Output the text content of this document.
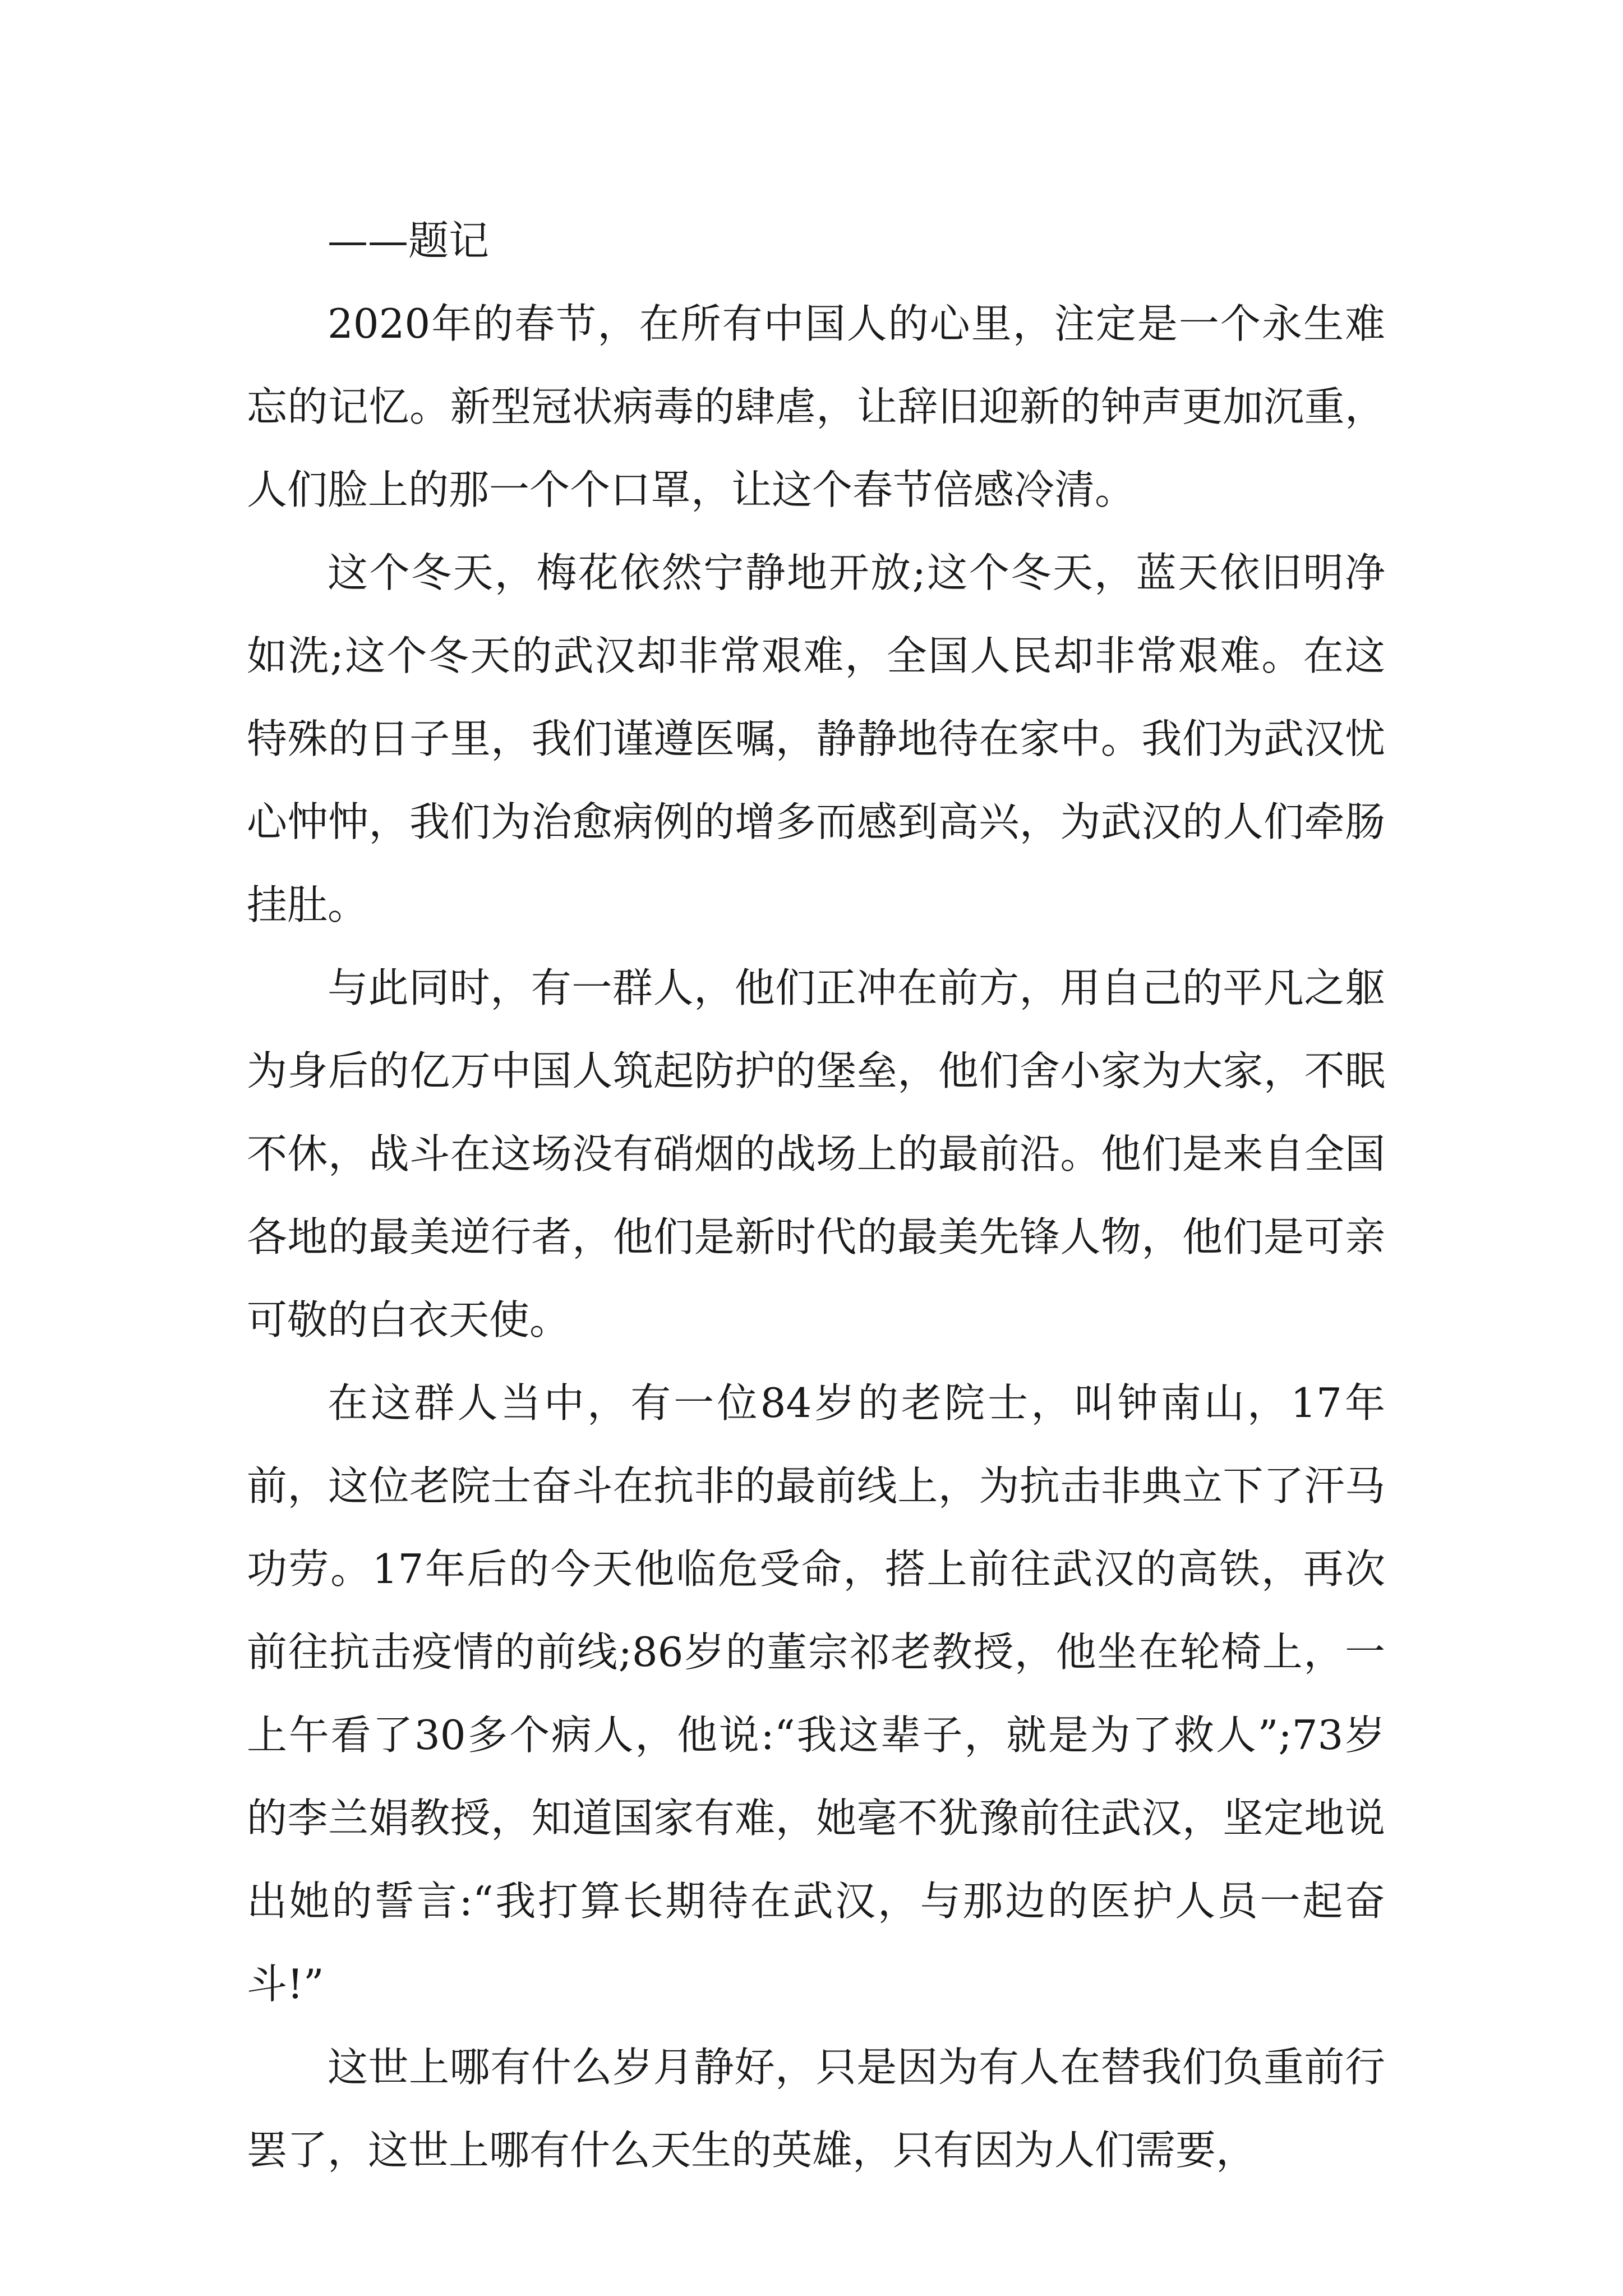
——题记

2020年的春节，在所有中国人的心里，注定是一个永生难忘的记忆。新型冠状病毒的肆虐，让辞旧迎新的钟声更加沉重，人们脸上的那一个个口罩，让这个春节倍感冷清。

这个冬天，梅花依然宁静地开放;这个冬天，蓝天依旧明净如洗;这个冬天的武汉却非常艰难，全国人民却非常艰难。在这特殊的日子里，我们谨遵医嘱，静静地待在家中。我们为武汉忧心忡忡，我们为治愈病例的增多而感到高兴，为武汉的人们牵肠挂肚。

与此同时，有一群人，他们正冲在前方，用自己的平凡之躯为身后的亿万中国人筑起防护的堡垒，他们舍小家为大家，不眠不休，战斗在这场没有硝烟的战场上的最前沿。他们是来自全国各地的最美逆行者，他们是新时代的最美先锋人物，他们是可亲可敬的白衣天使。

在这群人当中，有一位84岁的老院士，叫钟南山，17年前，这位老院士奋斗在抗非的最前线上，为抗击非典立下了汗马功劳。17年后的今天他临危受命，搭上前往武汉的高铁，再次前往抗击疫情的前线;86岁的董宗祁老教授，他坐在轮椅上，一上午看了30多个病人，他说:“我这辈子，就是为了救人”;73岁的李兰娟教授，知道国家有难，她毫不犹豫前往武汉，坚定地说出她的誓言:“我打算长期待在武汉，与那边的医护人员一起奋斗!”

这世上哪有什么岁月静好，只是因为有人在替我们负重前行罢了，这世上哪有什么天生的英雄，只有因为人们需要，
